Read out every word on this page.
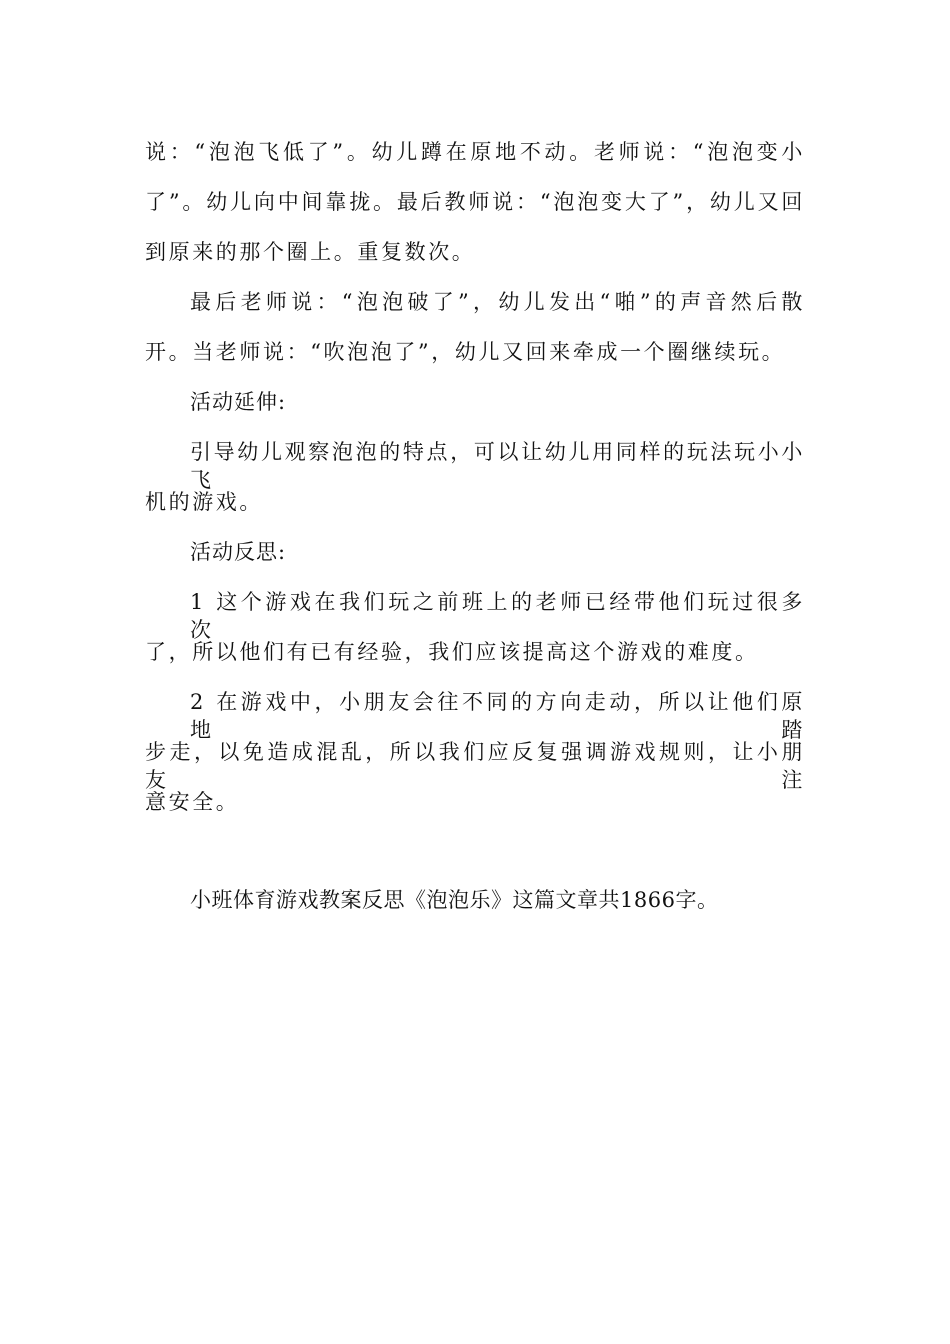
说：“泡泡飞低了”。幼儿蹲在原地不动。老师说：“泡泡变小
了”。幼儿向中间靠拢。最后教师说：“泡泡变大了”，幼儿又回
到原来的那个圈上。重复数次。
最后老师说：“泡泡破了”，幼儿发出“啪”的声音然后散
开。当老师说：“吹泡泡了”，幼儿又回来牵成一个圈继续玩。
活动延伸:
引导幼儿观察泡泡的特点，可以让幼儿用同样的玩法玩小小飞
机的游戏。
活动反思:
1 这个游戏在我们玩之前班上的老师已经带他们玩过很多次
了，所以他们有已有经验，我们应该提高这个游戏的难度。
2 在游戏中，小朋友会往不同的方向走动，所以让他们原地踏
步走，以免造成混乱，所以我们应反复强调游戏规则，让小朋友注
意安全。
小班体育游戏教案反思《泡泡乐》这篇文章共1866字。
